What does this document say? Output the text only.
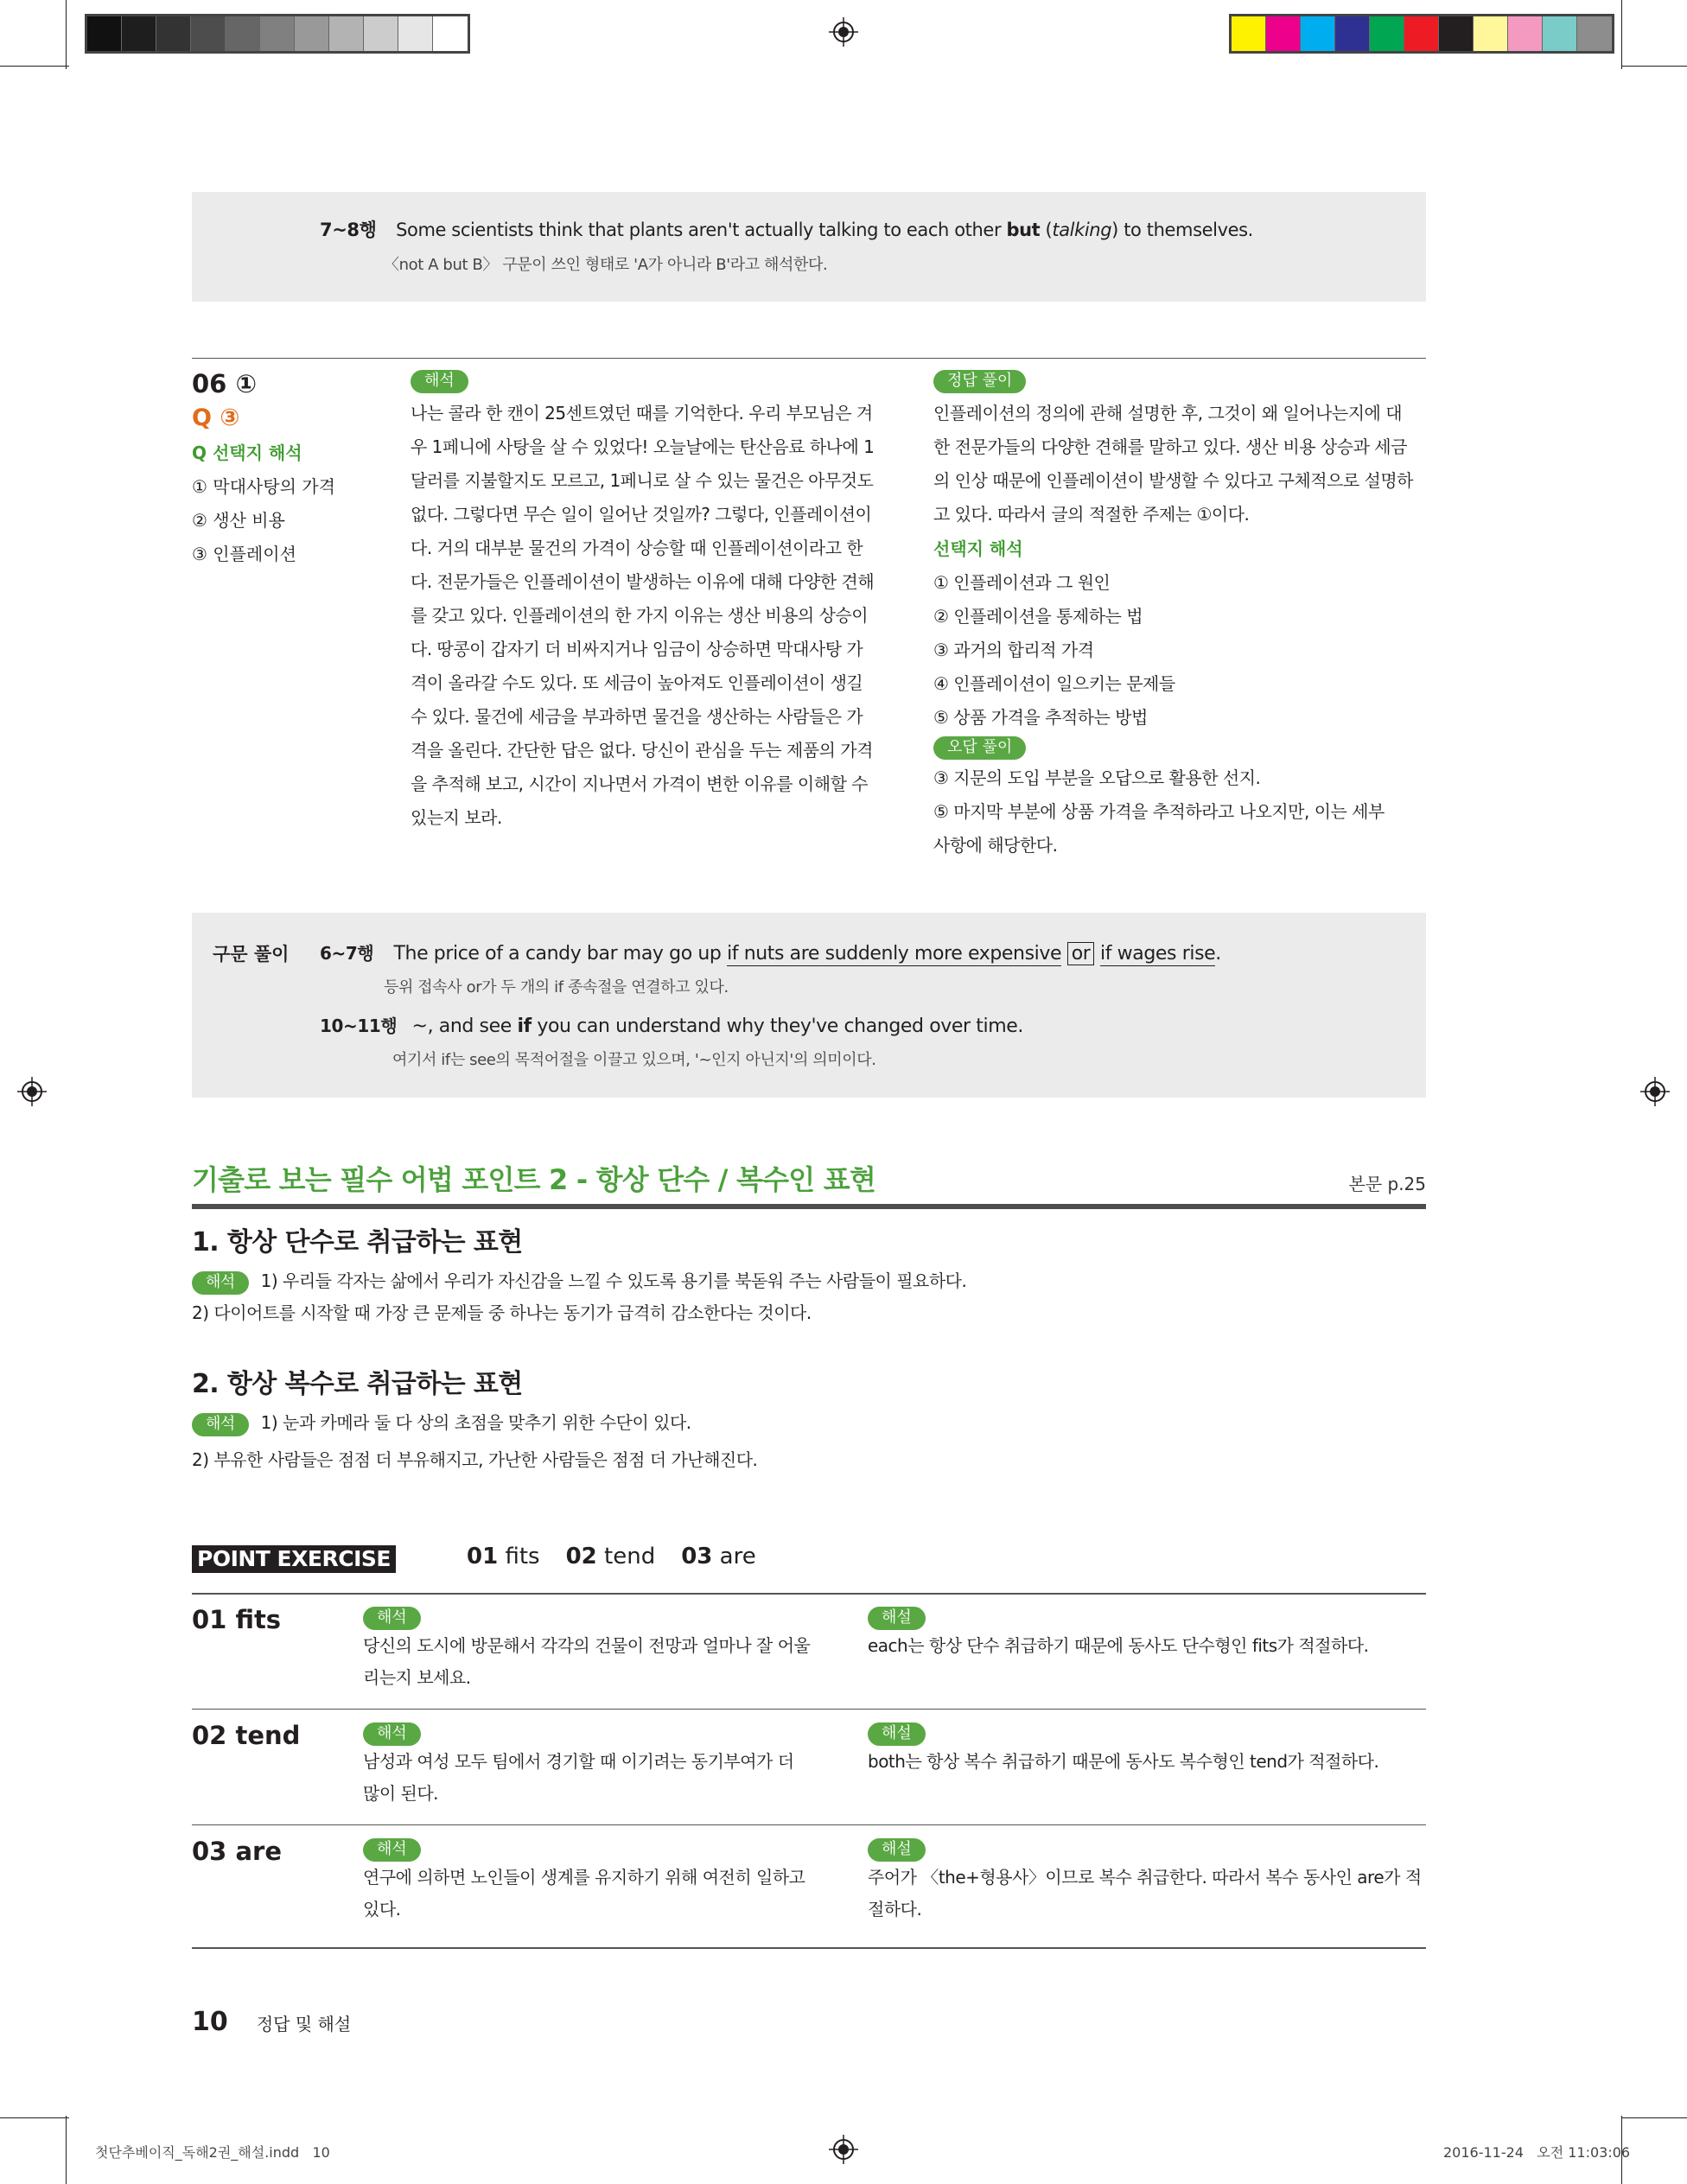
7~8행 Some scientists think that plants aren't actually talking to each other but (talking) to themselves.
〈not A but B〉 구문이 쓰인 형태로 'A가 아니라 B'라고 해석한다.
06 ①
Q ③
Q 선택지 해석
① 막대사탕의 가격
② 생산 비용
③ 인플레이션
해석
나는 콜라 한 캔이 25센트였던 때를 기억한다. 우리 부모님은 겨
우 1페니에 사탕을 살 수 있었다! 오늘날에는 탄산음료 하나에 1
달러를 지불할지도 모르고, 1페니로 살 수 있는 물건은 아무것도
없다. 그렇다면 무슨 일이 일어난 것일까? 그렇다, 인플레이션이
다. 거의 대부분 물건의 가격이 상승할 때 인플레이션이라고 한
다. 전문가들은 인플레이션이 발생하는 이유에 대해 다양한 견해
를 갖고 있다. 인플레이션의 한 가지 이유는 생산 비용의 상승이
다. 땅콩이 갑자기 더 비싸지거나 임금이 상승하면 막대사탕 가
격이 올라갈 수도 있다. 또 세금이 높아져도 인플레이션이 생길
수 있다. 물건에 세금을 부과하면 물건을 생산하는 사람들은 가
격을 올린다. 간단한 답은 없다. 당신이 관심을 두는 제품의 가격
을 추적해 보고, 시간이 지나면서 가격이 변한 이유를 이해할 수
있는지 보라.
정답 풀이
인플레이션의 정의에 관해 설명한 후, 그것이 왜 일어나는지에 대
한 전문가들의 다양한 견해를 말하고 있다. 생산 비용 상승과 세금
의 인상 때문에 인플레이션이 발생할 수 있다고 구체적으로 설명하
고 있다. 따라서 글의 적절한 주제는 ①이다.
선택지 해석
① 인플레이션과 그 원인
② 인플레이션을 통제하는 법
③ 과거의 합리적 가격
④ 인플레이션이 일으키는 문제들
⑤ 상품 가격을 추적하는 방법
오답 풀이
③ 지문의 도입 부분을 오답으로 활용한 선지.
⑤ 마지막 부분에 상품 가격을 추적하라고 나오지만, 이는 세부
사항에 해당한다.
구문 풀이 6~7행 The price of a candy bar may go up if nuts are suddenly more expensive or if wages rise.
등위 접속사 or가 두 개의 if 종속절을 연결하고 있다.
10~11행 ~, and see if you can understand why they've changed over time.
여기서 if는 see의 목적어절을 이끌고 있으며, '~인지 아닌지'의 의미이다.
기출로 보는 필수 어법 포인트 2 - 항상 단수 / 복수인 표현	본문 p.25
1. 항상 단수로 취급하는 표현
해석 1) 우리들 각자는 삶에서 우리가 자신감을 느낄 수 있도록 용기를 북돋워 주는 사람들이 필요하다.
2) 다이어트를 시작할 때 가장 큰 문제들 중 하나는 동기가 급격히 감소한다는 것이다.
2. 항상 복수로 취급하는 표현
해석 1) 눈과 카메라 둘 다 상의 초점을 맞추기 위한 수단이 있다.
2) 부유한 사람들은 점점 더 부유해지고, 가난한 사람들은 점점 더 가난해진다.
POINT EXERCISE	01 fits 02 tend 03 are
01 fits	해석
당신의 도시에 방문해서 각각의 건물이 전망과 얼마나 잘 어울
리는지 보세요.
해설
each는 항상 단수 취급하기 때문에 동사도 단수형인 fits가 적절하다.
02 tend	해석
남성과 여성 모두 팀에서 경기할 때 이기려는 동기부여가 더
많이 된다.
해설
both는 항상 복수 취급하기 때문에 동사도 복수형인 tend가 적절하다.
03 are	해석
연구에 의하면 노인들이 생계를 유지하기 위해 여전히 일하고
있다.
해설
주어가 〈the+형용사〉이므로 복수 취급한다. 따라서 복수 동사인 are가 적
절하다.
10 정답 및 해설
첫단추베이직_독해2권_해설.indd   10	2016-11-24   오전 11:03:06
